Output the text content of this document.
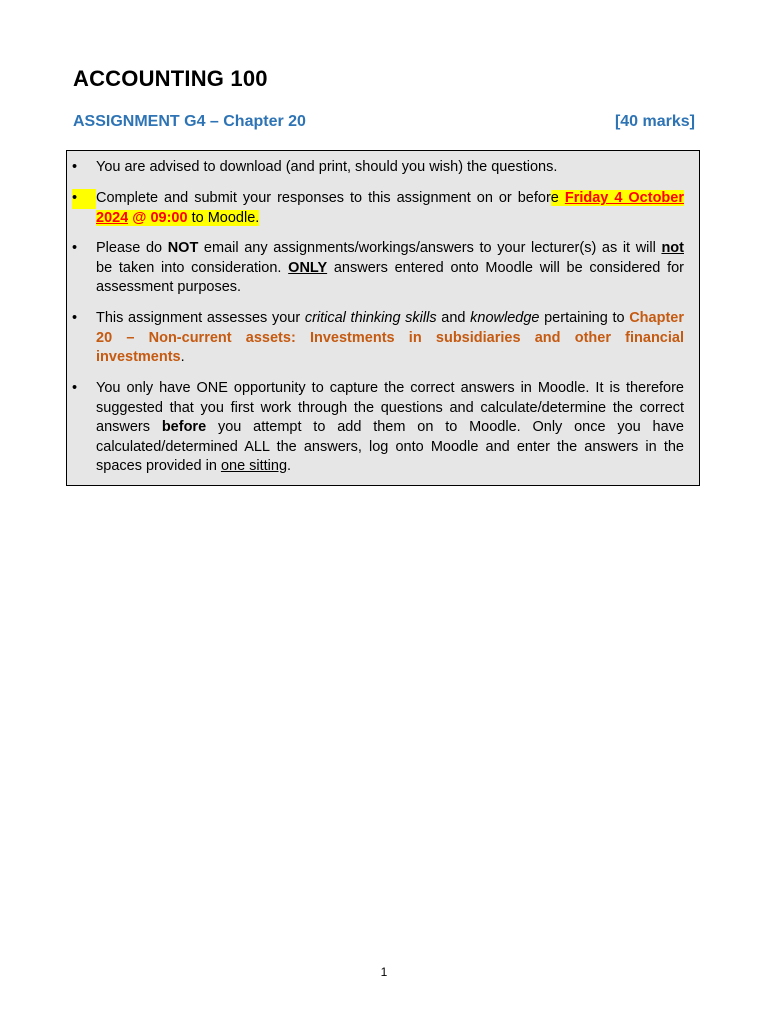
ACCOUNTING 100
ASSIGNMENT G4 – Chapter 20	[40 marks]
•	You are advised to download (and print, should you wish) the questions.
•	Complete and submit your responses to this assignment on or before Friday 4 October 2024 @ 09:00 to Moodle.
•	Please do NOT email any assignments/workings/answers to your lecturer(s) as it will not be taken into consideration. ONLY answers entered onto Moodle will be considered for assessment purposes.
•	This assignment assesses your critical thinking skills and knowledge pertaining to Chapter 20 – Non-current assets: Investments in subsidiaries and other financial investments.
•	You only have ONE opportunity to capture the correct answers in Moodle. It is therefore suggested that you first work through the questions and calculate/determine the correct answers before you attempt to add them on to Moodle. Only once you have calculated/determined ALL the answers, log onto Moodle and enter the answers in the spaces provided in one sitting.
1
